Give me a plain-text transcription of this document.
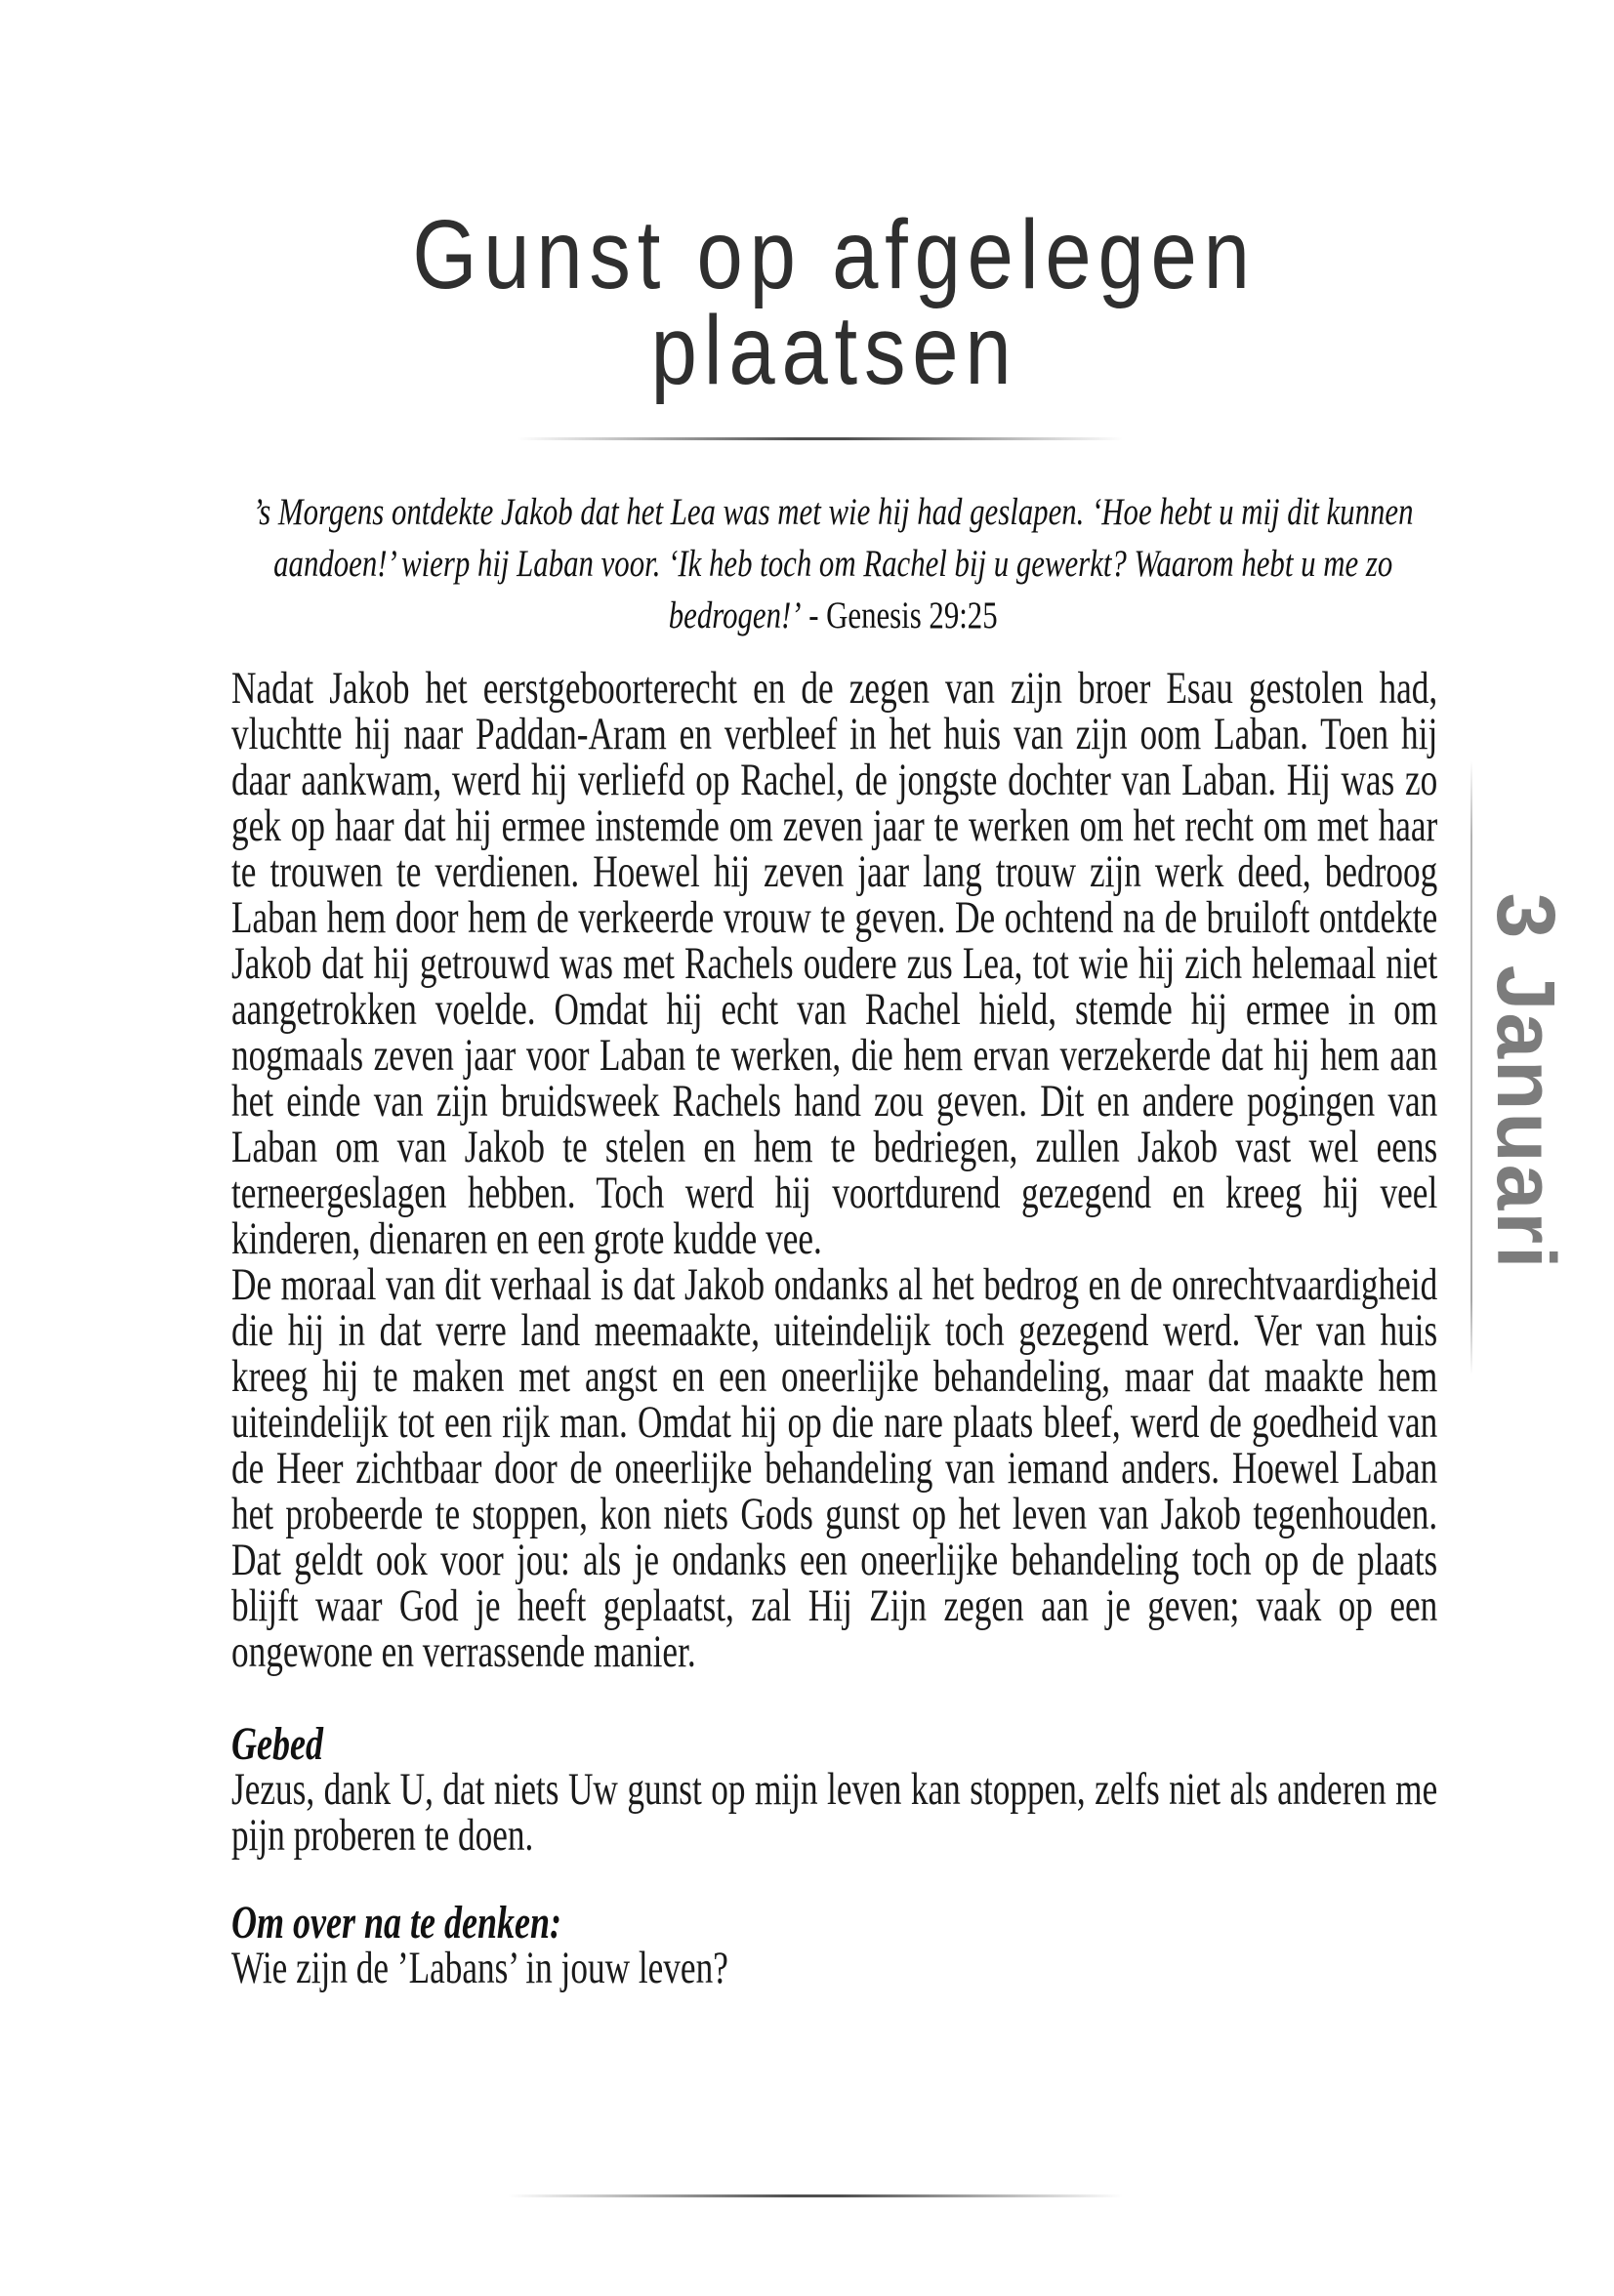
Gunst op afgelegen
plaatsen
’s Morgens ontdekte Jakob dat het Lea was met wie hij had geslapen. ‘Hoe hebt u mij dit kunnen aandoen!’ wierp hij Laban voor. ‘Ik heb toch om Rachel bij u gewerkt? Waarom hebt u me zo bedrogen!’ - Genesis 29:25

Nadat Jakob het eerstgeboorterecht en de zegen van zijn broer Esau gestolen had, vluchtte hij naar Paddan-Aram en verbleef in het huis van zijn oom Laban. Toen hij daar aankwam, werd hij verliefd op Rachel, de jongste dochter van Laban. Hij was zo gek op haar dat hij ermee instemde om zeven jaar te werken om het recht om met haar te trouwen te verdienen. Hoewel hij zeven jaar lang trouw zijn werk deed, bedroog Laban hem door hem de verkeerde vrouw te geven. De ochtend na de bruiloft ontdekte Jakob dat hij getrouwd was met Rachels oudere zus Lea, tot wie hij zich helemaal niet aangetrokken voelde. Omdat hij echt van Rachel hield, stemde hij ermee in om nogmaals zeven jaar voor Laban te werken, die hem ervan verzekerde dat hij hem aan het einde van zijn bruidsweek Rachels hand zou geven. Dit en andere pogingen van Laban om van Jakob te stelen en hem te bedriegen, zullen Jakob vast wel eens terneergeslagen hebben. Toch werd hij voortdurend gezegend en kreeg hij veel kinderen, dienaren en een grote kudde vee.

De moraal van dit verhaal is dat Jakob ondanks al het bedrog en de onrechtvaardigheid die hij in dat verre land meemaakte, uiteindelijk toch gezegend werd. Ver van huis kreeg hij te maken met angst en een oneerlijke behandeling, maar dat maakte hem uiteindelijk tot een rijk man. Omdat hij op die nare plaats bleef, werd de goedheid van de Heer zichtbaar door de oneerlijke behandeling van iemand anders. Hoewel Laban het probeerde te stoppen, kon niets Gods gunst op het leven van Jakob tegenhouden. Dat geldt ook voor jou: als je ondanks een oneerlijke behandeling toch op de plaats blijft waar God je heeft geplaatst, zal Hij Zijn zegen aan je geven; vaak op een ongewone en verrassende manier.

Gebed

Jezus, dank U, dat niets Uw gunst op mijn leven kan stoppen, zelfs niet als anderen me pijn proberen te doen.

Om over na te denken:

Wie zijn de ’Labans’ in jouw leven?

3 Januari
